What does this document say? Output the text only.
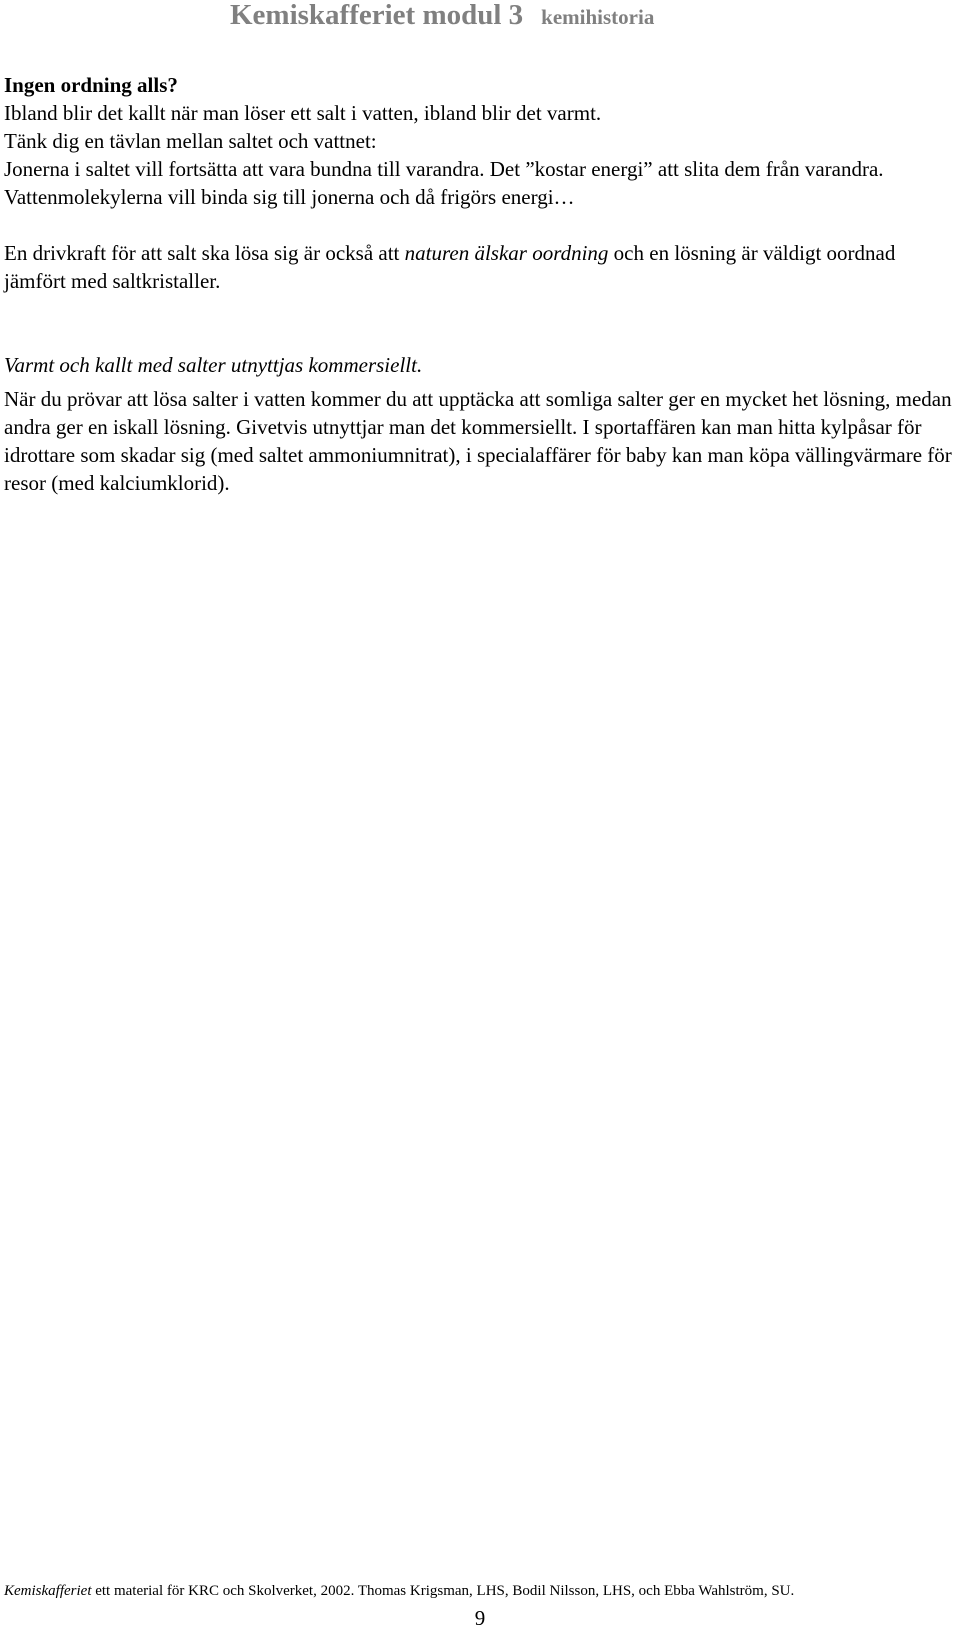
Kemiskafferiet modul 3 kemihistoria

Ingen ordning alls?

Ibland blir det kallt när man löser ett salt i vatten, ibland blir det varmt.

Tänk dig en tävlan mellan saltet och vattnet:

Jonerna i saltet vill fortsätta att vara bundna till varandra. Det ”kostar energi” att slita dem från varandra.

Vattenmolekylerna vill binda sig till jonerna och då frigörs energi…

En drivkraft för att salt ska lösa sig är också att naturen älskar oordning och en lösning är väldigt oordnad jämfört med saltkristaller.

Varmt och kallt med salter utnyttjas kommersiellt.

När du prövar att lösa salter i vatten kommer du att upptäcka att somliga salter ger en mycket het lösning, medan andra ger en iskall lösning. Givetvis utnyttjar man det kommersiellt. I sportaffären kan man hitta kylpåsar för idrottare som skadar sig (med saltet ammoniumnitrat), i specialaffärer för baby kan man köpa vällingvärmare för resor (med kalciumklorid).

Kemiskafferiet ett material för KRC och Skolverket, 2002. Thomas Krigsman, LHS, Bodil Nilsson, LHS, och Ebba Wahlström, SU.
9
